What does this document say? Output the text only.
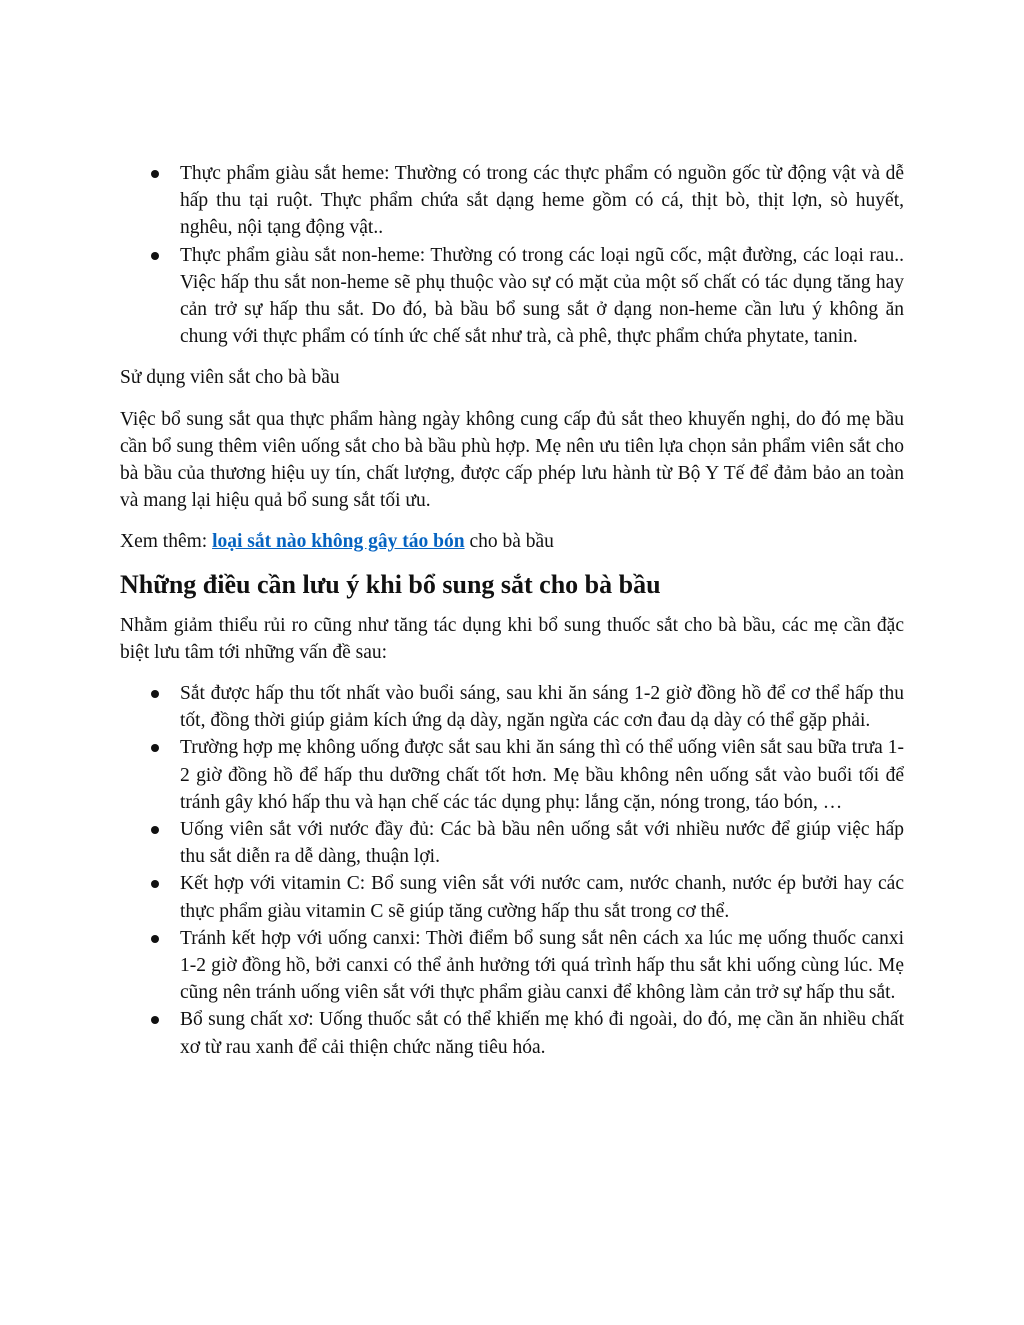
Thực phẩm giàu sắt heme: Thường có trong các thực phẩm có nguồn gốc từ động vật và dễ hấp thu tại ruột. Thực phẩm chứa sắt dạng heme gồm có cá, thịt bò, thịt lợn, sò huyết, nghêu, nội tạng động vật..
Thực phẩm giàu sắt non-heme: Thường có trong các loại ngũ cốc, mật đường, các loại rau.. Việc hấp thu sắt non-heme sẽ phụ thuộc vào sự có mặt của một số chất có tác dụng tăng hay cản trở sự hấp thu sắt. Do đó, bà bầu bổ sung sắt ở dạng non-heme cần lưu ý không ăn chung với thực phẩm có tính ức chế sắt như trà, cà phê, thực phẩm chứa phytate, tanin.

Sử dụng viên sắt cho bà bầu

Việc bổ sung sắt qua thực phẩm hàng ngày không cung cấp đủ sắt theo khuyến nghị, do đó mẹ bầu cần bổ sung thêm viên uống sắt cho bà bầu phù hợp. Mẹ nên ưu tiên lựa chọn sản phẩm viên sắt cho bà bầu của thương hiệu uy tín, chất lượng, được cấp phép lưu hành từ Bộ Y Tế để đảm bảo an toàn và mang lại hiệu quả bổ sung sắt tối ưu.

Xem thêm: loại sắt nào không gây táo bón cho bà bầu

Những điều cần lưu ý khi bổ sung sắt cho bà bầu

Nhằm giảm thiểu rủi ro cũng như tăng tác dụng khi bổ sung thuốc sắt cho bà bầu, các mẹ cần đặc biệt lưu tâm tới những vấn đề sau:

Sắt được hấp thu tốt nhất vào buổi sáng, sau khi ăn sáng 1-2 giờ đồng hồ để cơ thể hấp thu tốt, đồng thời giúp giảm kích ứng dạ dày, ngăn ngừa các cơn đau dạ dày có thể gặp phải.
Trường hợp mẹ không uống được sắt sau khi ăn sáng thì có thể uống viên sắt sau bữa trưa 1-2 giờ đồng hồ để hấp thu dưỡng chất tốt hơn. Mẹ bầu không nên uống sắt vào buổi tối để tránh gây khó hấp thu và hạn chế các tác dụng phụ: lắng cặn, nóng trong, táo bón, …
Uống viên sắt với nước đầy đủ: Các bà bầu nên uống sắt với nhiều nước để giúp việc hấp thu sắt diễn ra dễ dàng, thuận lợi.
Kết hợp với vitamin C: Bổ sung viên sắt với nước cam, nước chanh, nước ép bưởi hay các thực phẩm giàu vitamin C sẽ giúp tăng cường hấp thu sắt trong cơ thể.
Tránh kết hợp với uống canxi: Thời điểm bổ sung sắt nên cách xa lúc mẹ uống thuốc canxi 1-2 giờ đồng hồ, bởi canxi có thể ảnh hưởng tới quá trình hấp thu sắt khi uống cùng lúc. Mẹ cũng nên tránh uống viên sắt với thực phẩm giàu canxi để không làm cản trở sự hấp thu sắt.
Bổ sung chất xơ: Uống thuốc sắt có thể khiến mẹ khó đi ngoài, do đó, mẹ cần ăn nhiều chất xơ từ rau xanh để cải thiện chức năng tiêu hóa.
